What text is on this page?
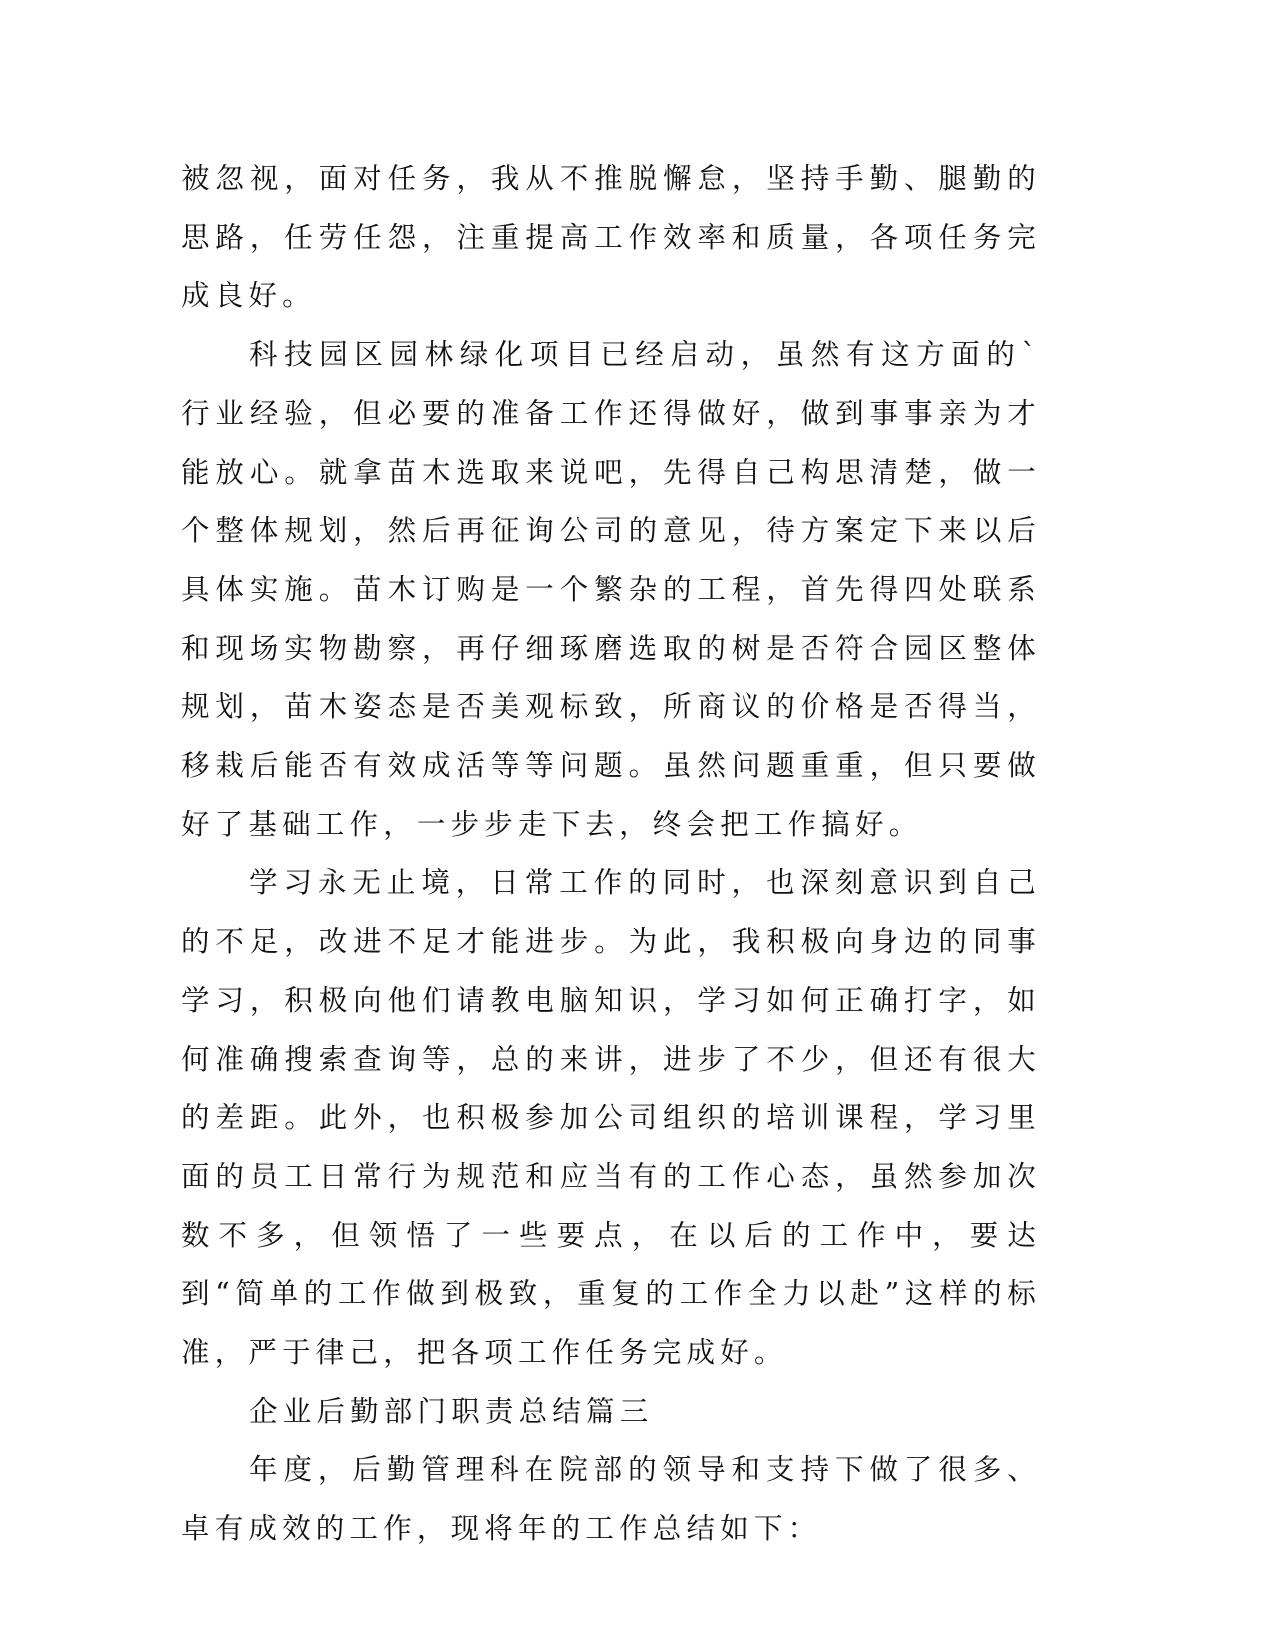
被忽视，面对任务，我从不推脱懈怠，坚持手勤、腿勤的思路，任劳任怨，注重提高工作效率和质量，各项任务完成良好。

科技园区园林绿化项目已经启动，虽然有这方面的`行业经验，但必要的准备工作还得做好，做到事事亲为才能放心。就拿苗木选取来说吧，先得自己构思清楚，做一个整体规划，然后再征询公司的意见，待方案定下来以后具体实施。苗木订购是一个繁杂的工程，首先得四处联系和现场实物勘察，再仔细琢磨选取的树是否符合园区整体规划，苗木姿态是否美观标致，所商议的价格是否得当，移栽后能否有效成活等等问题。虽然问题重重，但只要做好了基础工作，一步步走下去，终会把工作搞好。

学习永无止境，日常工作的同时，也深刻意识到自己的不足，改进不足才能进步。为此，我积极向身边的同事学习，积极向他们请教电脑知识，学习如何正确打字，如何准确搜索查询等，总的来讲，进步了不少，但还有很大的差距。此外，也积极参加公司组织的培训课程，学习里面的员工日常行为规范和应当有的工作心态，虽然参加次数不多，但领悟了一些要点，在以后的工作中，要达到“简单的工作做到极致，重复的工作全力以赴”这样的标准，严于律己，把各项工作任务完成好。

企业后勤部门职责总结篇三

年度，后勤管理科在院部的领导和支持下做了很多、卓有成效的工作，现将年的工作总结如下：
